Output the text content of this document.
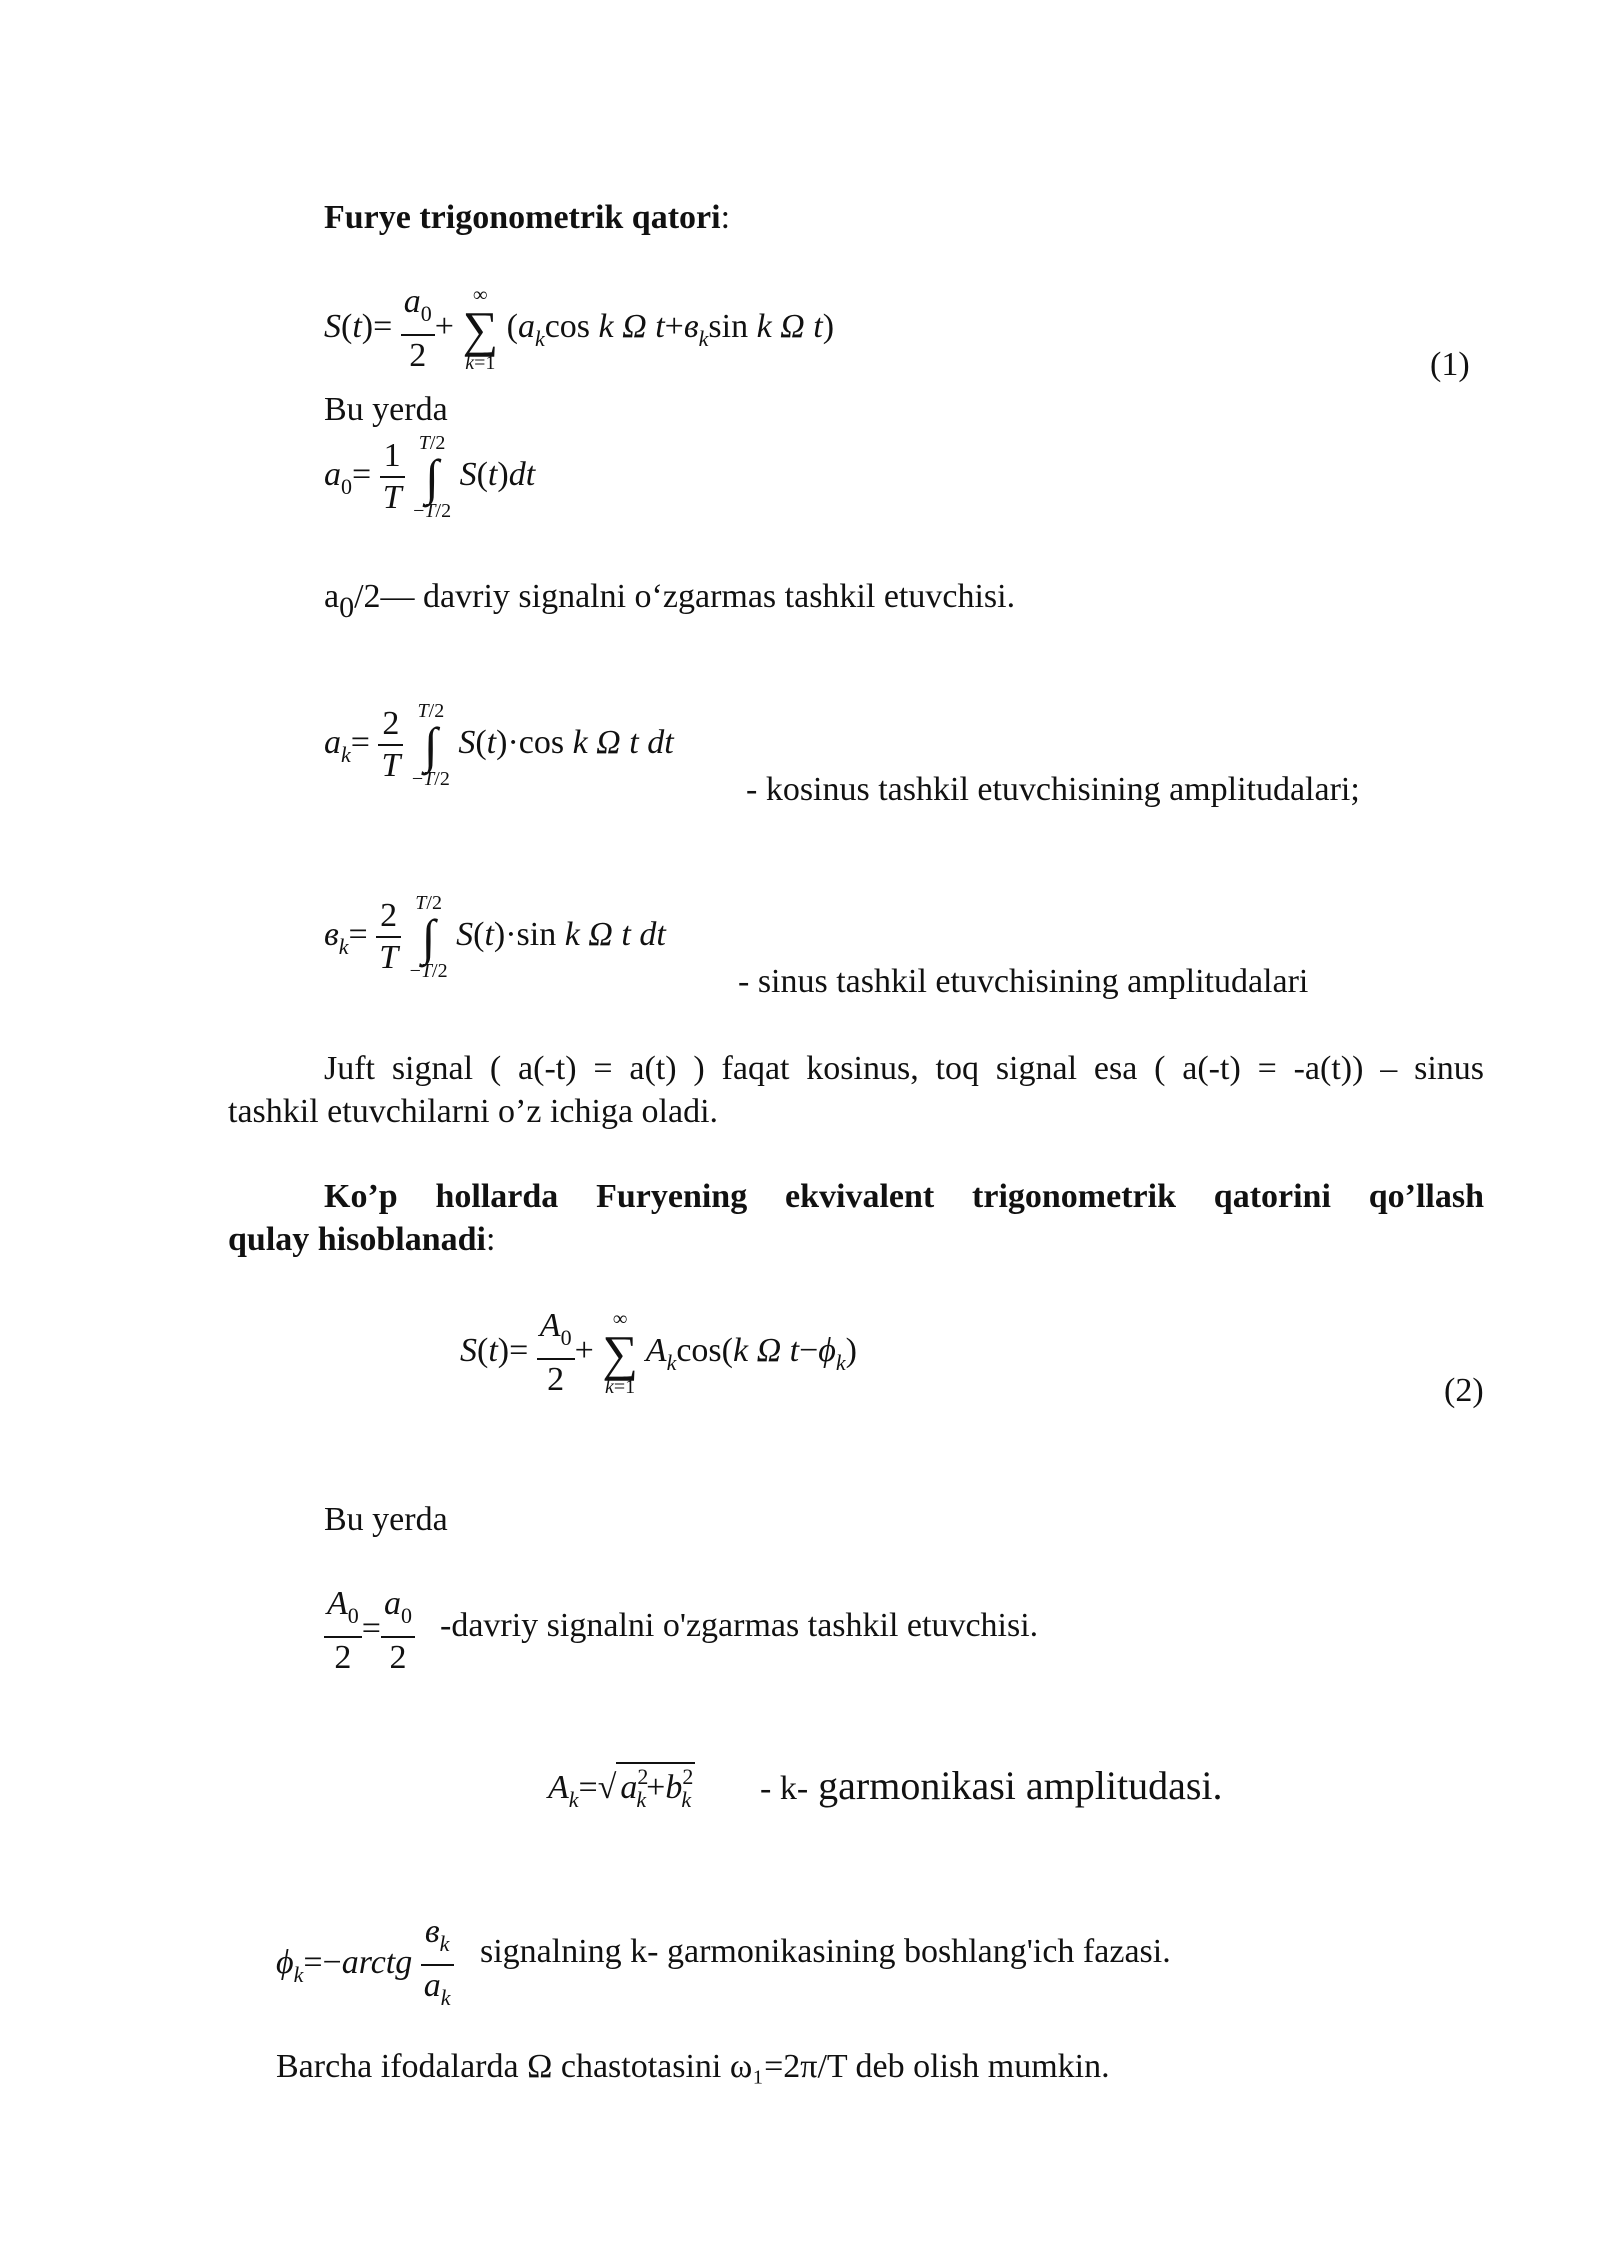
Furye trigonometrik qatori:
$S(t)= \frac{a_0}{2}$ +
∞
∑
k=1
($a_k\cos$ k Ω $t+в_k\sin$ k Ω t)
(1)
Bu yerda
$a_0= \frac{1}{T}$
T/2
∫
−T/2
S(t)dt
a0/2— davriy signalni o‘zgarmas tashkil etuvchisi.
$a_k= \frac{2}{T}$
T/2
∫
−T/2
S(t)·cos k Ω t dt
- kosinus tashkil etuvchisining amplitudalari;
$в_k= \frac{2}{T}$
T/2
∫
−T/2
S(t)·sin k Ω t dt
- sinus tashkil etuvchisining amplitudalari
Juft signal ( a(-t) = a(t) ) faqat kosinus, toq signal esa ( a(-t) = -a(t)) – sinus
tashkil etuvchilarni o’z ichiga oladi.
Ko’p hollarda Furyening ekvivalent trigonometrik qatorini qo’llash
qulay hisoblanadi:
$S(t)= \frac{A_0}{2}$ +
∞
∑
k=1
$A_k\cos(k$ Ω $t-\phi_k$)
(2)
Bu yerda
$\frac{A_0}{2} = \frac{a_0}{2}$ -davriy signalni o'zgarmas tashkil etuvchisi.
$A_k=√$ $a^2_k+b^2_k - k-$ garmonikasi amplitudasi.
$\phi_k=-arctg \frac{в_k}{a_k}$ signalning k- garmonikasining boshlang'ich fazasi.
Barcha ifodalarda Ω chastotasini ω₁=2π/T deb olish mumkin.
